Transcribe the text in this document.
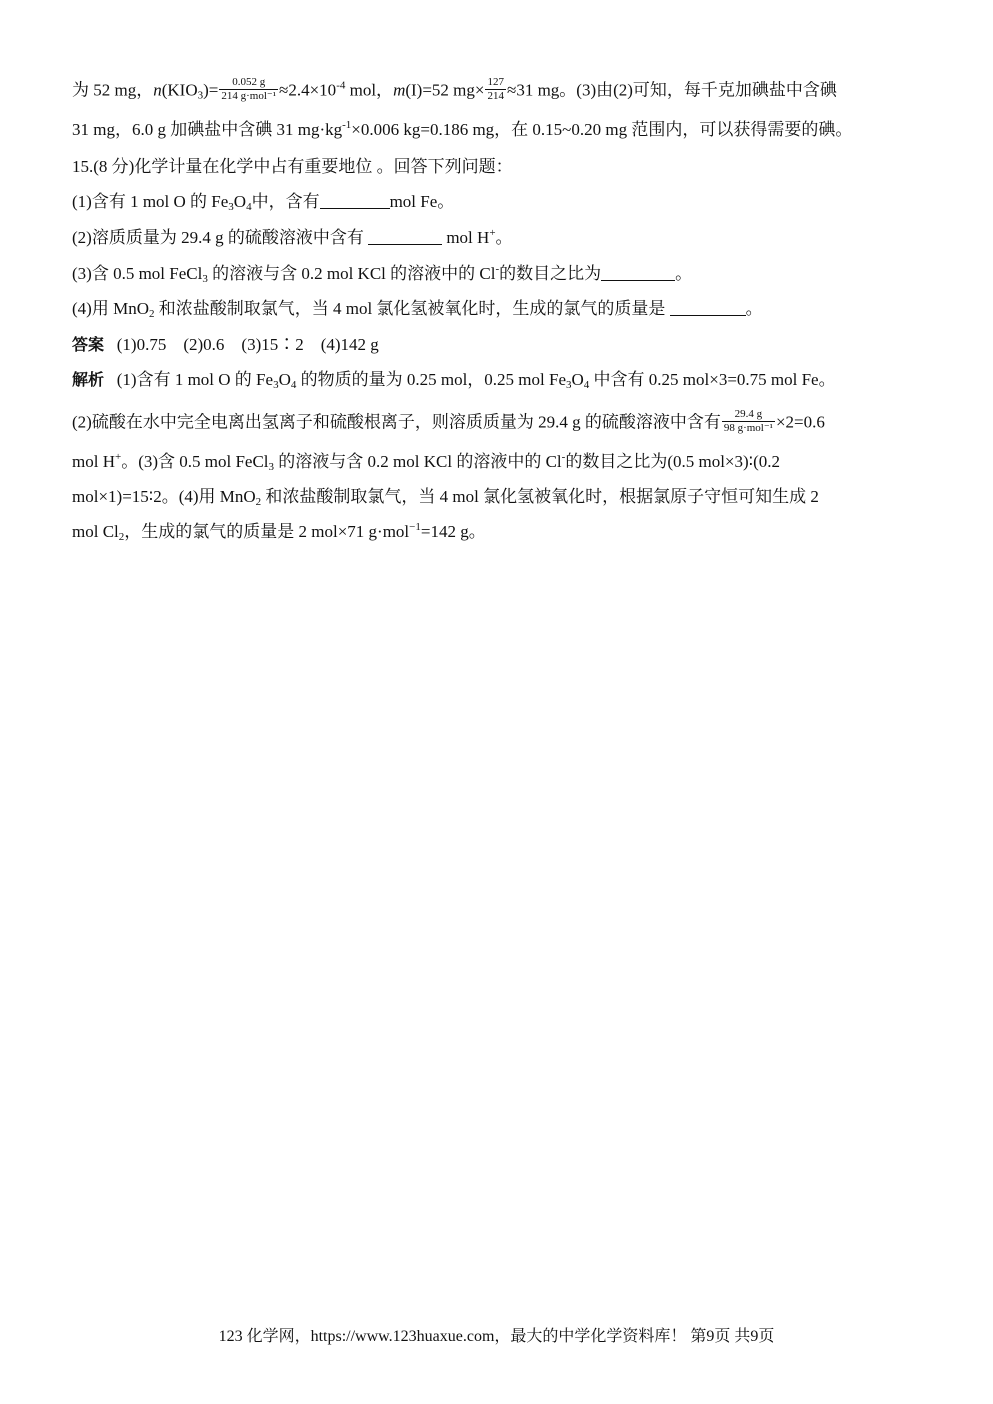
为 52 mg，$n(KIO_3)= \frac{0.052 g}{\text{214 g·mol⁻¹}} \approx 2.4\times 10^{-4}$ mol，m(I)=52 $mg\times \frac{127}{214} \approx 31$ mg。(3)由(2)可知，每千克加碘盐中含碘
31 mg，6.0 g 加碘盐中含碘 31 $mg\cdot kg^{-1}\times 0.006$ kg=0.186 mg，在 0.15~0.20 mg 范围内，可以获得需要的碘。
15.(8 分)化学计量在化学中占有重要地位 。回答下列问题：
(1)含有 1 mol O 的 $Fe_3O_4$中，含有	mol Fe。
(2)溶质质量为 29.4 g 的硫酸溶液中含有	mol H+。
(3)含 0.5 mol FeCl$_3$ 的溶液与含 0.2 mol KCl 的溶液中的 Cl-的数目之比为	。
(4)用 MnO$_2$ 和浓盐酸制取氯气，当 4 mol 氯化氢被氧化时，生成的氯气的质量是	。
答案 (1)0.75　(2)0.6　(3)15∶2　(4)142 g
解析 (1)含有 1 mol O 的 $Fe_3O_4$ 的物质的量为 0.25 mol，0.25 mol $Fe_3O_4$ 中含有 0.25 mol×3=0.75 mol Fe。
(2)硫酸在水中完全电离出氢离子和硫酸根离子，则溶质质量为 29.4 g 的硫酸溶液中含有 $\frac{29.4 g}{\text{98 g·mol⁻¹}} \times 2=0.6$
mol H+。(3)含 0.5 mol FeCl$_3$ 的溶液与含 0.2 mol KCl 的溶液中的 Cl-的数目之比为(0.5 mol×3)∶(0.2
mol×1)=15∶2。(4)用 MnO$_2$ 和浓盐酸制取氯气，当 4 mol 氯化氢被氧化时，根据氯原子守恒可知生成 2
mol $Cl_2$，生成的氯气的质量是 2 mol×71 g·mol$^{-1}$=142 g。
123 化学网，https://www.123huaxue.com，最大的中学化学资料库！ 第9页 共9页
